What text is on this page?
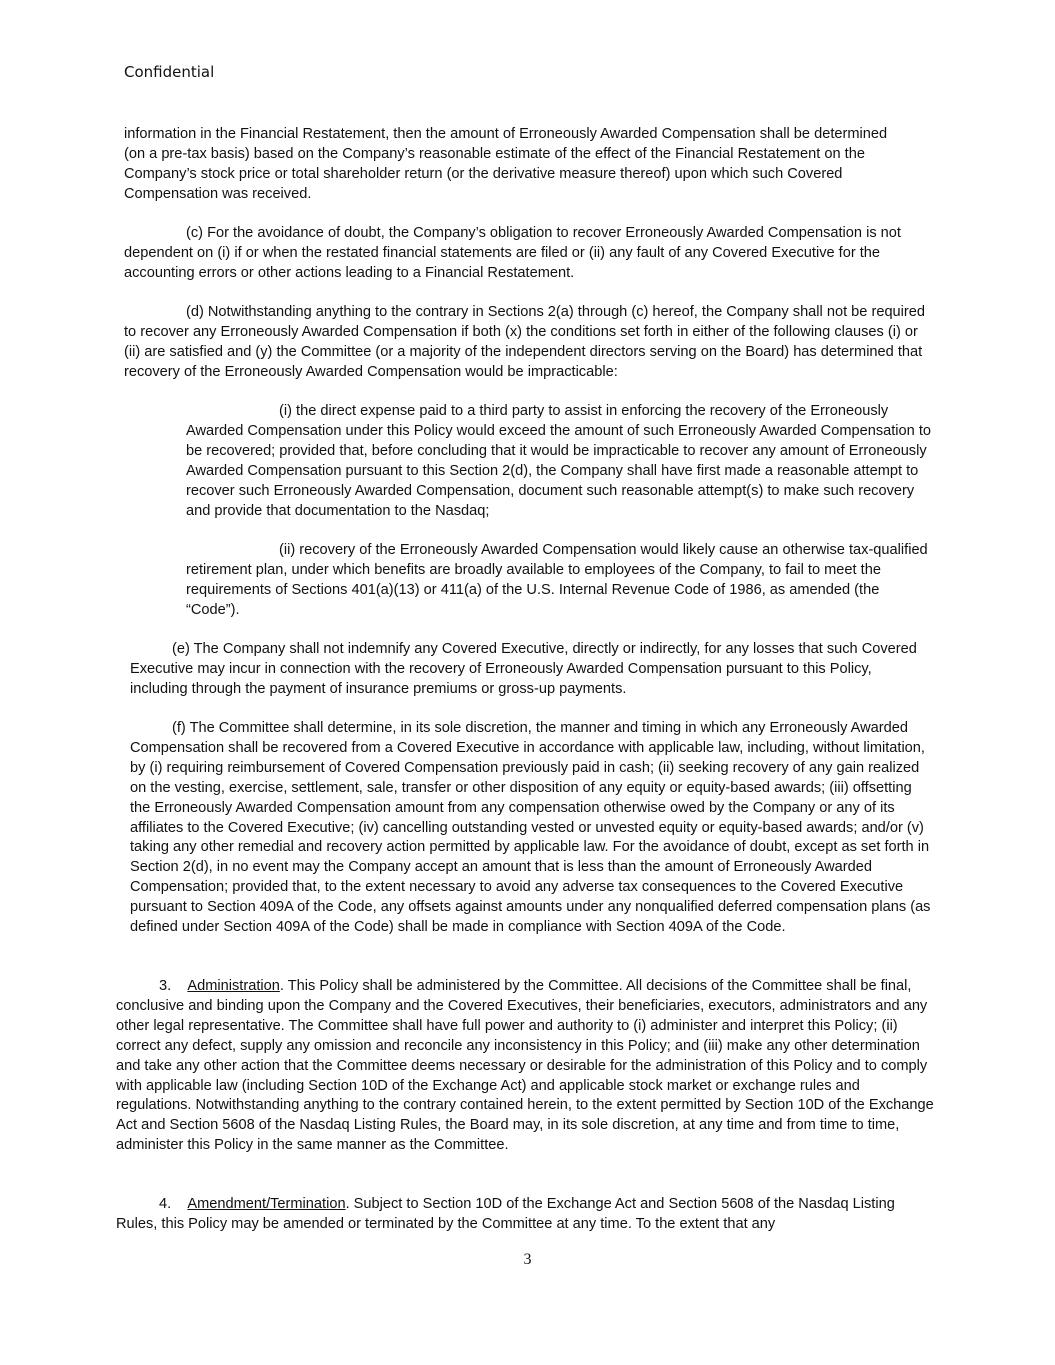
Confidential

information in the Financial Restatement, then the amount of Erroneously Awarded Compensation shall be determined (on a pre-tax basis) based on the Company’s reasonable estimate of the effect of the Financial Restatement on the Company’s stock price or total shareholder return (or the derivative measure thereof) upon which such Covered Compensation was received.

(c) For the avoidance of doubt, the Company’s obligation to recover Erroneously Awarded Compensation is not dependent on (i) if or when the restated financial statements are filed or (ii) any fault of any Covered Executive for the accounting errors or other actions leading to a Financial Restatement.

(d) Notwithstanding anything to the contrary in Sections 2(a) through (c) hereof, the Company shall not be required to recover any Erroneously Awarded Compensation if both (x) the conditions set forth in either of the following clauses (i) or (ii) are satisfied and (y) the Committee (or a majority of the independent directors serving on the Board) has determined that recovery of the Erroneously Awarded Compensation would be impracticable:

(i) the direct expense paid to a third party to assist in enforcing the recovery of the Erroneously Awarded Compensation under this Policy would exceed the amount of such Erroneously Awarded Compensation to be recovered; provided that, before concluding that it would be impracticable to recover any amount of Erroneously Awarded Compensation pursuant to this Section 2(d), the Company shall have first made a reasonable attempt to recover such Erroneously Awarded Compensation, document such reasonable attempt(s) to make such recovery and provide that documentation to the Nasdaq;

(ii) recovery of the Erroneously Awarded Compensation would likely cause an otherwise tax-qualified retirement plan, under which benefits are broadly available to employees of the Company, to fail to meet the requirements of Sections 401(a)(13) or 411(a) of the U.S. Internal Revenue Code of 1986, as amended (the “Code”).

(e) The Company shall not indemnify any Covered Executive, directly or indirectly, for any losses that such Covered Executive may incur in connection with the recovery of Erroneously Awarded Compensation pursuant to this Policy, including through the payment of insurance premiums or gross-up payments.

(f) The Committee shall determine, in its sole discretion, the manner and timing in which any Erroneously Awarded Compensation shall be recovered from a Covered Executive in accordance with applicable law, including, without limitation, by (i) requiring reimbursement of Covered Compensation previously paid in cash; (ii) seeking recovery of any gain realized on the vesting, exercise, settlement, sale, transfer or other disposition of any equity or equity-based awards; (iii) offsetting the Erroneously Awarded Compensation amount from any compensation otherwise owed by the Company or any of its affiliates to the Covered Executive; (iv) cancelling outstanding vested or unvested equity or equity-based awards; and/or (v) taking any other remedial and recovery action permitted by applicable law. For the avoidance of doubt, except as set forth in Section 2(d), in no event may the Company accept an amount that is less than the amount of Erroneously Awarded Compensation; provided that, to the extent necessary to avoid any adverse tax consequences to the Covered Executive pursuant to Section 409A of the Code, any offsets against amounts under any nonqualified deferred compensation plans (as defined under Section 409A of the Code) shall be made in compliance with Section 409A of the Code.

3. Administration. This Policy shall be administered by the Committee. All decisions of the Committee shall be final, conclusive and binding upon the Company and the Covered Executives, their beneficiaries, executors, administrators and any other legal representative. The Committee shall have full power and authority to (i) administer and interpret this Policy; (ii) correct any defect, supply any omission and reconcile any inconsistency in this Policy; and (iii) make any other determination and take any other action that the Committee deems necessary or desirable for the administration of this Policy and to comply with applicable law (including Section 10D of the Exchange Act) and applicable stock market or exchange rules and regulations. Notwithstanding anything to the contrary contained herein, to the extent permitted by Section 10D of the Exchange Act and Section 5608 of the Nasdaq Listing Rules, the Board may, in its sole discretion, at any time and from time to time, administer this Policy in the same manner as the Committee.

4. Amendment/Termination. Subject to Section 10D of the Exchange Act and Section 5608 of the Nasdaq Listing Rules, this Policy may be amended or terminated by the Committee at any time. To the extent that any

3
